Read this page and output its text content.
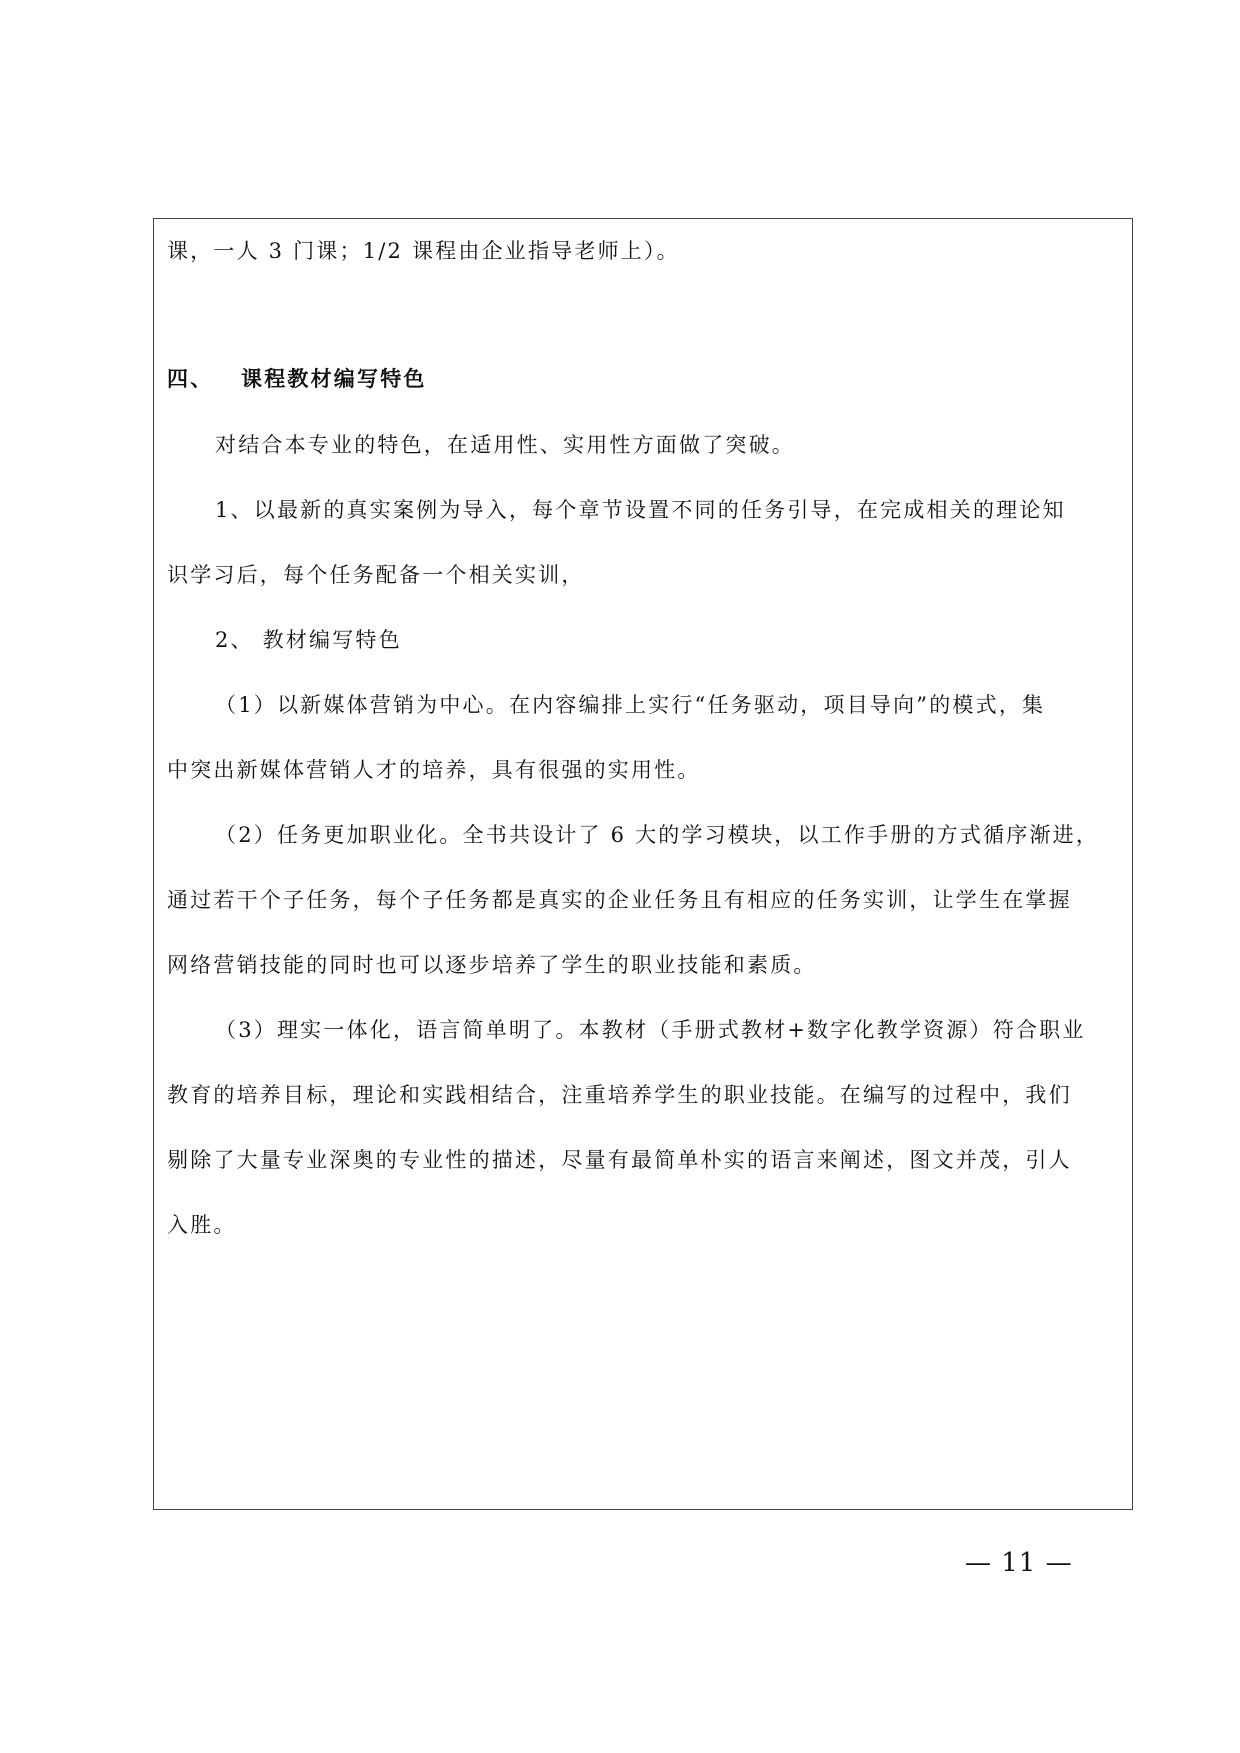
课，一人 3 门课；1/2 课程由企业指导老师上）。
四、 课程教材编写特色
对结合本专业的特色，在适用性、实用性方面做了突破。
1、以最新的真实案例为导入，每个章节设置不同的任务引导，在完成相关的理论知
识学习后，每个任务配备一个相关实训，
2、 教材编写特色
（1）以新媒体营销为中心。在内容编排上实行“任务驱动，项目导向”的模式，集
中突出新媒体营销人才的培养，具有很强的实用性。
（2）任务更加职业化。全书共设计了 6 大的学习模块，以工作手册的方式循序渐进，
通过若干个子任务，每个子任务都是真实的企业任务且有相应的任务实训，让学生在掌握
网络营销技能的同时也可以逐步培养了学生的职业技能和素质。
（3）理实一体化，语言简单明了。本教材（手册式教材+数字化教学资源）符合职业
教育的培养目标，理论和实践相结合，注重培养学生的职业技能。在编写的过程中，我们
剔除了大量专业深奥的专业性的描述，尽量有最简单朴实的语言来阐述，图文并茂，引人
入胜。
— 11 —
